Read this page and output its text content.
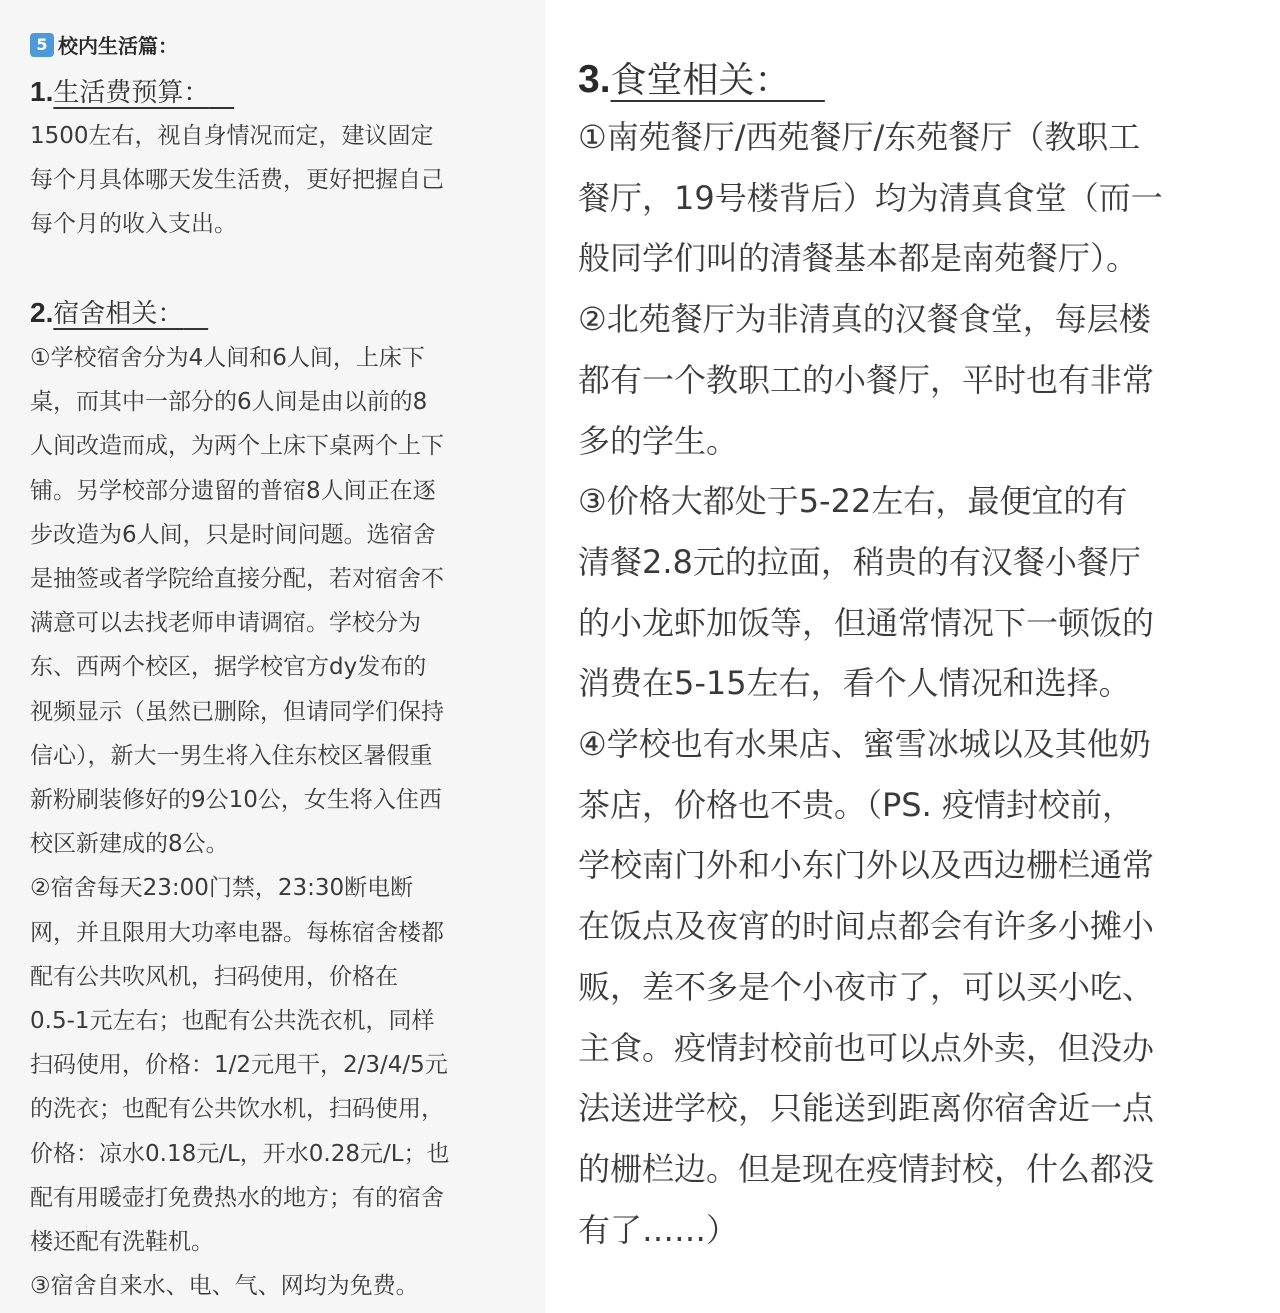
5 校内生活篇：
1.生活费预算：

1500左右，视自身情况而定，建议固定
每个月具体哪天发生活费，更好把握自己
每个月的收入支出。

2.宿舍相关：

①学校宿舍分为4人间和6人间，上床下
桌，而其中一部分的6人间是由以前的8
人间改造而成，为两个上床下桌两个上下
铺。另学校部分遗留的普宿8人间正在逐
步改造为6人间，只是时间问题。选宿舍
是抽签或者学院给直接分配，若对宿舍不
满意可以去找老师申请调宿。学校分为
东、西两个校区，据学校官方dy发布的
视频显示（虽然已删除，但请同学们保持
信心），新大一男生将入住东校区暑假重
新粉刷装修好的9公10公，女生将入住西
校区新建成的8公。
②宿舍每天23:00门禁，23:30断电断
网，并且限用大功率电器。每栋宿舍楼都
配有公共吹风机，扫码使用，价格在
0.5-1元左右；也配有公共洗衣机，同样
扫码使用，价格：1/2元甩干，2/3/4/5元
的洗衣；也配有公共饮水机，扫码使用，
价格：凉水0.18元/L，开水0.28元/L；也
配有用暖壶打免费热水的地方；有的宿舍
楼还配有洗鞋机。
③宿舍自来水、电、气、网均为免费。

3.食堂相关：

①南苑餐厅/西苑餐厅/东苑餐厅（教职工
餐厅，19号楼背后）均为清真食堂（而一
般同学们叫的清餐基本都是南苑餐厅）。
②北苑餐厅为非清真的汉餐食堂，每层楼
都有一个教职工的小餐厅，平时也有非常
多的学生。
③价格大都处于5-22左右，最便宜的有
清餐2.8元的拉面，稍贵的有汉餐小餐厅
的小龙虾加饭等，但通常情况下一顿饭的
消费在5-15左右，看个人情况和选择。
④学校也有水果店、蜜雪冰城以及其他奶
茶店，价格也不贵。（PS. 疫情封校前，
学校南门外和小东门外以及西边栅栏通常
在饭点及夜宵的时间点都会有许多小摊小
贩，差不多是个小夜市了，可以买小吃、
主食。疫情封校前也可以点外卖，但没办
法送进学校，只能送到距离你宿舍近一点
的栅栏边。但是现在疫情封校，什么都没
有了……）
